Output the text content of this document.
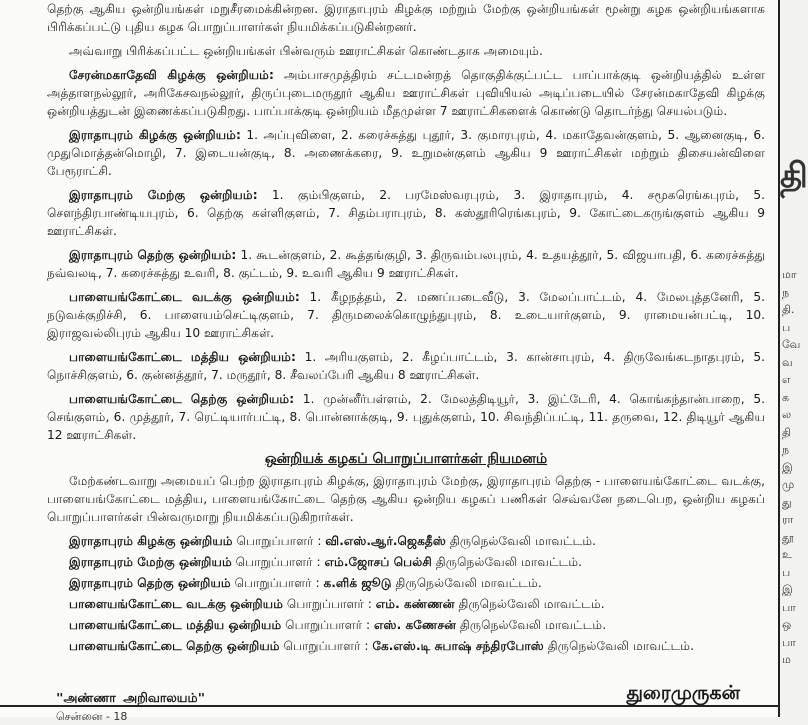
தெற்கு ஆகிய ஒன்றியங்கள் மறுசீரமைக்கின்றன. இராதாபுரம் கிழக்கு மற்றும் மேற்கு ஒன்றியங்கள் மூன்று கழக ஒன்றியங்களாக பிரிக்கப்பட்டு புதிய கழக பொறுப்பாளர்கள் நியமிக்கப்படுகின்றனர்.

அவ்வாறு பிரிக்கப்பட்ட ஒன்றியங்கள் பின்வரும் ஊராட்சிகள் கொண்டதாக அமையும்.

சேரன்மகாதேவி கிழக்கு ஒன்றியம்: அம்பாசமுத்திரம் சட்டமன்றத் தொகுதிக்குட்பட்ட பாப்பாக்குடி ஒன்றியத்தில் உள்ள அத்தாளநல்லூர், அரிகேசவநல்லூர், திருப்புடைமருதூர் ஆகிய ஊராட்சிகள் புவியியல் அடிப்படையில் சேரன்மகாதேவி கிழக்கு ஒன்றியத்துடன் இணைக்கப்படுகிறது. பாப்பாக்குடி ஒன்றியம் மீதமுள்ள 7 ஊராட்சிகளைக் கொண்டு தொடர்ந்து செயல்படும்.

இராதாபுரம் கிழக்கு ஒன்றியம்: 1. அப்புவிளை, 2. கரைச்சுத்து புதூர், 3. குமாரபுரம், 4. மகாதேவன்குளம், 5. ஆனைகுடி, 6. முதுமொத்தன்மொழி, 7. இடையன்குடி, 8. அணைக்கரை, 9. உறுமன்குளம் ஆகிய 9 ஊராட்சிகள் மற்றும் திசையன்விளை பேரூராட்சி.

இராதாபுரம் மேற்கு ஒன்றியம்: 1. கும்பிகுளம், 2. பரமேஸ்வரபுரம், 3. இராதாபுரம், 4. சமூகரெங்கபுரம், 5. சௌந்திரபாண்டியபுரம், 6. தெற்கு கள்ளிகுளம், 7. சிதம்பராபுரம், 8. கஸ்தூரிரெங்கபுரம், 9. கோட்டைகருங்குளம் ஆகிய 9 ஊராட்சிகள்.

இராதாபுரம் தெற்கு ஒன்றியம்: 1. கூடன்குளம், 2. கூத்தங்குழி, 3. திருவம்பலபுரம், 4. உதயத்தூர், 5. விஜயாபதி, 6. கரைச்சுத்து நவ்வலடி, 7. கரைச்சுத்து உவரி, 8. குட்டம், 9. உவரி ஆகிய 9 ஊராட்சிகள்.

பாளையங்கோட்டை வடக்கு ஒன்றியம்: 1. கீழநத்தம், 2. மணப்படைவீடு, 3. மேலப்பாட்டம், 4. மேலபுத்தனேரி, 5. நடுவக்குறிச்சி, 6. பாளையம்செட்டிகுளம், 7. திருமலைக்கொழுந்துபுரம், 8. உடையார்குளம், 9. ராமையன்பட்டி, 10. இராஜவல்லிபுரம் ஆகிய 10 ஊராட்சிகள்.

பாளையங்கோட்டை மத்திய ஒன்றியம்: 1. அரியகுளம், 2. கீழப்பாட்டம், 3. கான்சாபுரம், 4. திருவேங்கடநாதபுரம், 5. நொச்சிகுளம், 6. குன்னத்தூர், 7. மருதூர், 8. சீவலப்பேரி ஆகிய 8 ஊராட்சிகள்.

பாளையங்கோட்டை தெற்கு ஒன்றியம்: 1. முன்னீர்பள்ளம், 2. மேலத்திடியூர், 3. இட்டேரி, 4. கொங்கந்தான்பாறை, 5. செங்குளம், 6. முத்தூர், 7. ரெட்டியார்பட்டி, 8. பொன்னாக்குடி, 9. புதுக்குளம், 10. சிவந்திப்பட்டி, 11. தருவை, 12. திடியூர் ஆகிய 12 ஊராட்சிகள்.

ஒன்றியக் கழகப் பொறுப்பாளர்கள் நியமனம்

மேற்கண்டவாறு அமையப் பெற்ற இராதாபுரம் கிழக்கு, இராதாபுரம் மேற்கு, இராதாபுரம் தெற்கு - பாளையங்கோட்டை வடக்கு, பாளையங்கோட்டை மத்திய, பாளையங்கோட்டை தெற்கு ஆகிய ஒன்றிய கழகப் பணிகள் செவ்வனே நடைபெற, ஒன்றிய கழகப் பொறுப்பாளர்கள் பின்வருமாறு நியமிக்கப்படுகிறார்கள்.

இராதாபுரம் கிழக்கு ஒன்றியம் பொறுப்பாளர் : வி.எஸ்.ஆர்.ஜெகதீஸ் திருநெல்வேலி மாவட்டம்.

இராதாபுரம் மேற்கு ஒன்றியம் பொறுப்பாளர் : எம்.ஜோசப் பெல்சி திருநெல்வேலி மாவட்டம்.

இராதாபுரம் தெற்கு ஒன்றியம் பொறுப்பாளர் : க.ளிக் ஜூடு திருநெல்வேலி மாவட்டம்.

பாளையங்கோட்டை வடக்கு ஒன்றியம் பொறுப்பாளர் : எம். கண்ணன் திருநெல்வேலி மாவட்டம்.

பாளையங்கோட்டை மத்திய ஒன்றியம் பொறுப்பாளர் : எஸ். கணேசன் திருநெல்வேலி மாவட்டம்.

பாளையங்கோட்டை தெற்கு ஒன்றியம் பொறுப்பாளர் : கே.எஸ்.டி சுபாஷ் சந்திரபோஸ் திருநெல்வேலி மாவட்டம்.

"அண்ணா அறிவாலயம்"
சென்னை - 18
துரைமுருகன்
தி
மா
ந
தி.
ப
வே
வ
எ
க
ல
தி
ந
இ
மு
து
ரா
தூ
உ
ப
இ
பா
ஒ
பா
ம
